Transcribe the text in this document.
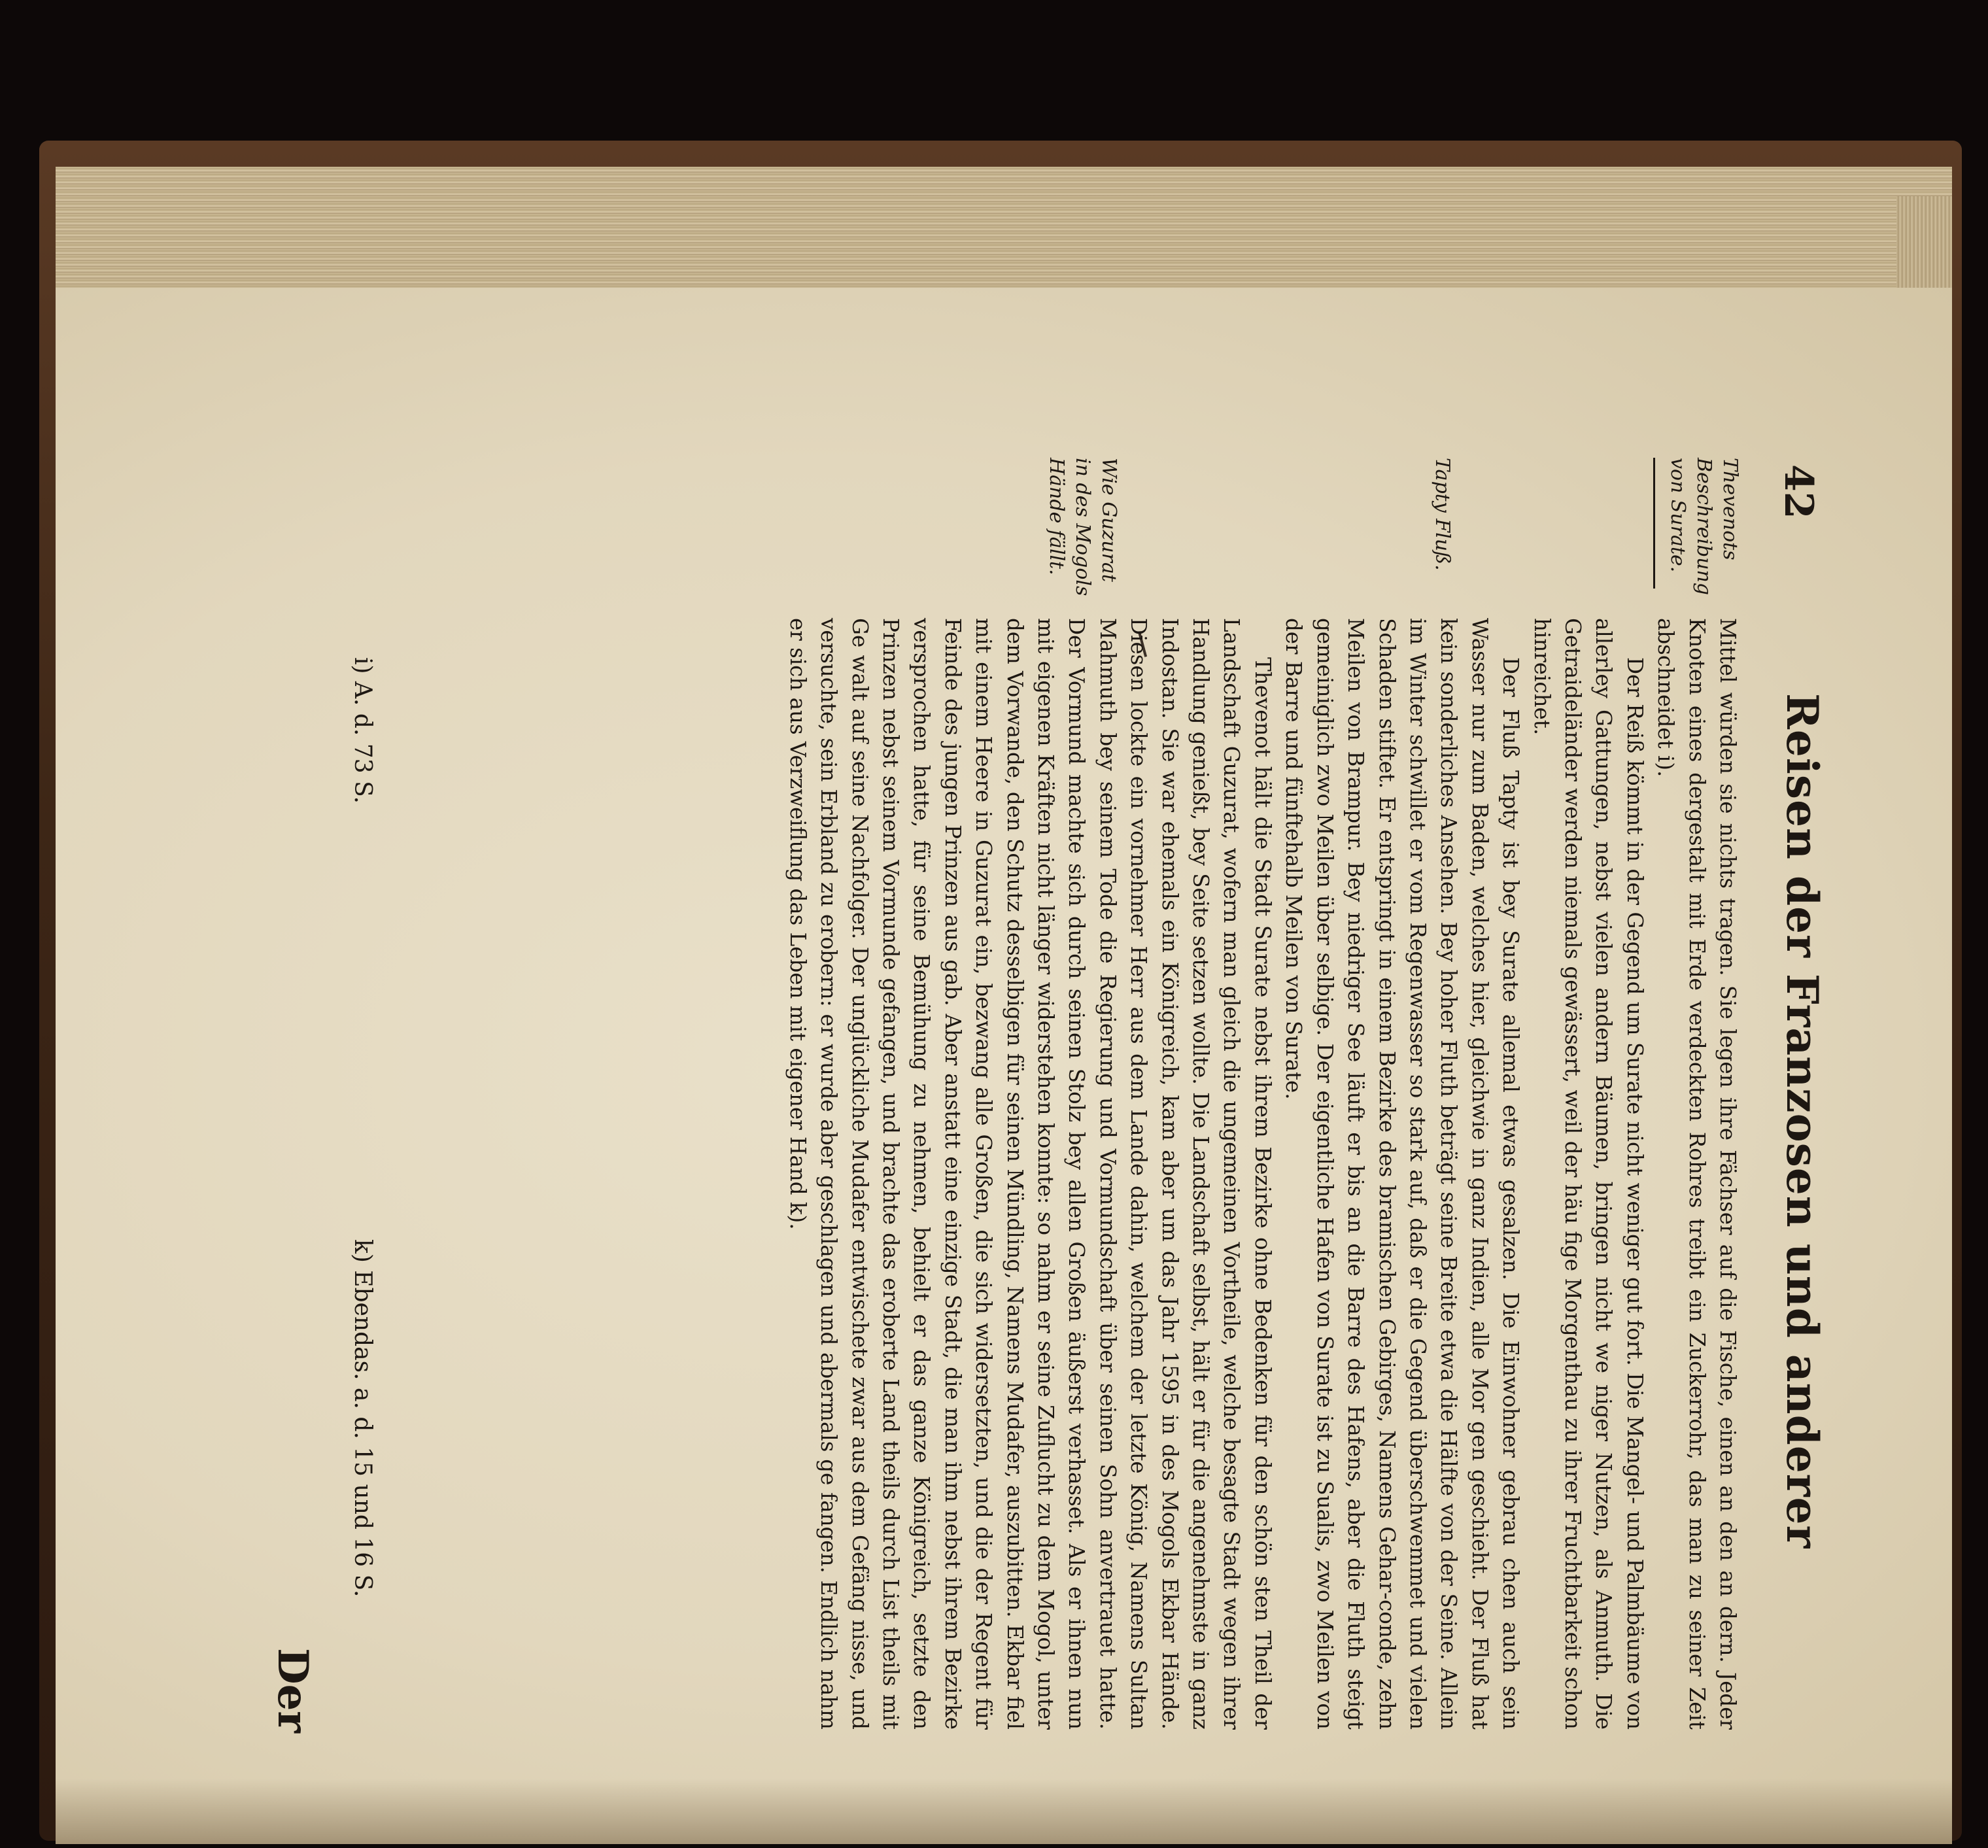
42
Reisen der Franzosen und anderer
Thevenots Beschreibung von Surate.
Tapty Fluß.
Wie Guzurat in des Mogols Hände fällt.

Mittel würden sie nichts tragen. Sie legen ihre Fächser auf die Fische, einen an den an dern. Jeder Knoten eines dergestalt mit Erde verdeckten Rohres treibt ein Zuckerrohr, das man zu seiner Zeit abschneidet i).

Der Reiß kömmt in der Gegend um Surate nicht weniger gut fort. Die Mangel- und Palmbäume von allerley Gattungen, nebst vielen andern Bäumen, bringen nicht we niger Nutzen, als Anmuth. Die Getraideländer werden niemals gewässert, weil der häu fige Morgenthau zu ihrer Fruchtbarkeit schon hinreichet.

Der Fluß Tapty ist bey Surate allemal etwas gesalzen. Die Einwohner gebrau chen auch sein Wasser nur zum Baden, welches hier, gleichwie in ganz Indien, alle Mor gen geschieht. Der Fluß hat kein sonderliches Ansehen. Bey hoher Fluth beträgt seine Breite etwa die Hälfte von der Seine. Allein im Winter schwillet er vom Regenwasser so stark auf, daß er die Gegend überschwemmet und vielen Schaden stiftet. Er entspringt in einem Bezirke des bramischen Gebirges, Namens Gehar-conde, zehn Meilen von Brampur. Bey niedriger See läuft er bis an die Barre des Hafens, aber die Fluth steigt gemeiniglich zwo Meilen über selbige. Der eigentliche Hafen von Surate ist zu Sualis, zwo Meilen von der Barre und fünftehalb Meilen von Surate.

Thevenot hält die Stadt Surate nebst ihrem Bezirke ohne Bedenken für den schön sten Theil der Landschaft Guzurat, wofern man gleich die ungemeinen Vortheile, welche besagte Stadt wegen ihrer Handlung genießt, bey Seite setzen wollte. Die Landschaft selbst, hält er für die angenehmste in ganz Indostan. Sie war ehemals ein Königreich, kam aber um das Jahr 1595 in des Mogols Ekbar Hände. Diesen lockte ein vornehmer Herr aus dem Lande dahin, welchem der letzte König, Namens Sultan Mahmuth bey seinem Tode die Regierung und Vormundschaft über seinen Sohn anvertrauet hatte. Der Vormund machte sich durch seinen Stolz bey allen Großen äußerst verhasset. Als er ihnen nun mit eigenen Kräften nicht länger widerstehen konnte: so nahm er seine Zuflucht zu dem Mogol, unter dem Vorwande, den Schutz desselbigen für seinen Mündling, Namens Mudafer, auszubitten. Ekbar fiel mit einem Heere in Guzurat ein, bezwang alle Großen, die sich widersetzten, und die der Regent für Feinde des jungen Prinzen aus gab. Aber anstatt eine einzige Stadt, die man ihm nebst ihrem Bezirke versprochen hatte, für seine Bemühung zu nehmen, behielt er das ganze Königreich, setzte den Prinzen nebst seinem Vormunde gefangen, und brachte das eroberte Land theils durch List theils mit Ge walt auf seine Nachfolger. Der unglückliche Mudafer entwischete zwar aus dem Gefäng nisse, und versuchte, sein Erbland zu erobern: er wurde aber geschlagen und abermals ge fangen. Endlich nahm er sich aus Verzweiflung das Leben mit eigener Hand k).

i) A. d. 73 S.
k) Ebendas. a. d. 15 und 16 S.
Der
